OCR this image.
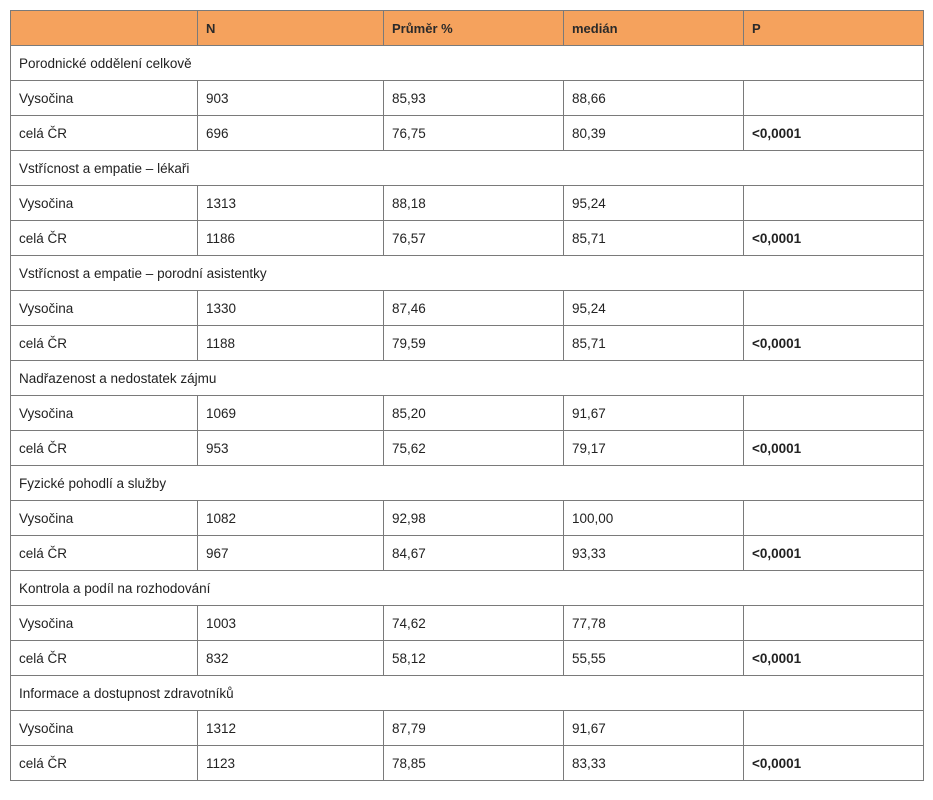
	N	Průměr %	medián	P
Porodnické oddělení celkově				
Vysočina	903	85,93	88,66	
celá ČR	696	76,75	80,39	<0,0001
Vstřícnost a empatie – lékaři				
Vysočina	1313	88,18	95,24	
celá ČR	1186	76,57	85,71	<0,0001
Vstřícnost a empatie – porodní asistentky				
Vysočina	1330	87,46	95,24	
celá ČR	1188	79,59	85,71	<0,0001
Nadřazenost a nedostatek zájmu				
Vysočina	1069	85,20	91,67	
celá ČR	953	75,62	79,17	<0,0001
Fyzické pohodlí a služby				
Vysočina	1082	92,98	100,00	
celá ČR	967	84,67	93,33	<0,0001
Kontrola a podíl na rozhodování				
Vysočina	1003	74,62	77,78	
celá ČR	832	58,12	55,55	<0,0001
Informace a dostupnost zdravotníků				
Vysočina	1312	87,79	91,67	
celá ČR	1123	78,85	83,33	<0,0001
